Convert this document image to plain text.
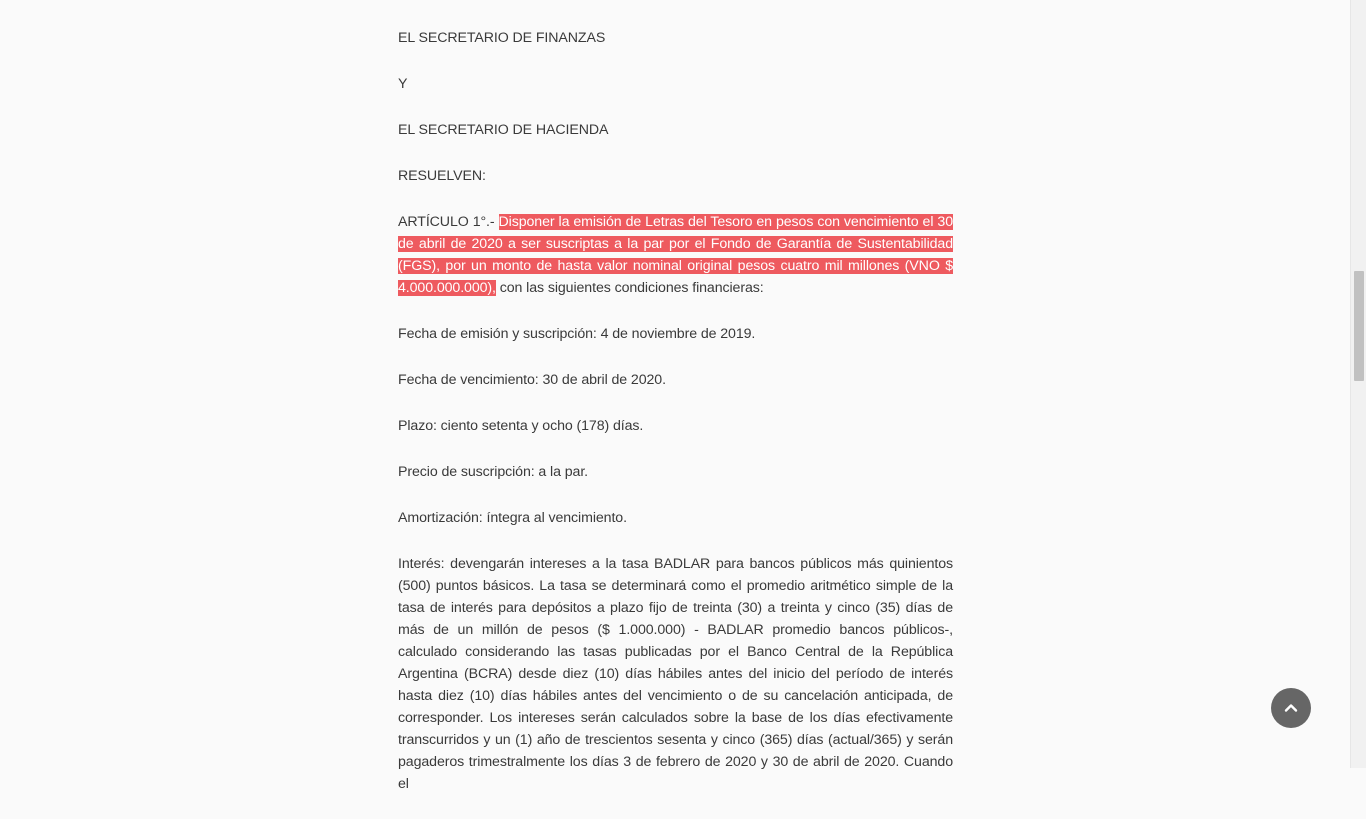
EL SECRETARIO DE FINANZAS

Y

EL SECRETARIO DE HACIENDA

RESUELVEN:

ARTÍCULO 1°.- Disponer la emisión de Letras del Tesoro en pesos con vencimiento el 30 de abril de 2020 a ser suscriptas a la par por el Fondo de Garantía de Sustentabilidad (FGS), por un monto de hasta valor nominal original pesos cuatro mil millones (VNO $ 4.000.000.000), con las siguientes condiciones financieras:

Fecha de emisión y suscripción: 4 de noviembre de 2019.

Fecha de vencimiento: 30 de abril de 2020.

Plazo: ciento setenta y ocho (178) días.

Precio de suscripción: a la par.

Amortización: íntegra al vencimiento.

Interés: devengarán intereses a la tasa BADLAR para bancos públicos más quinientos (500) puntos básicos. La tasa se determinará como el promedio aritmético simple de la tasa de interés para depósitos a plazo fijo de treinta (30) a treinta y cinco (35) días de más de un millón de pesos ($ 1.000.000) - BADLAR promedio bancos públicos-, calculado considerando las tasas publicadas por el Banco Central de la República Argentina (BCRA) desde diez (10) días hábiles antes del inicio del período de interés hasta diez (10) días hábiles antes del vencimiento o de su cancelación anticipada, de corresponder. Los intereses serán calculados sobre la base de los días efectivamente transcurridos y un (1) año de trescientos sesenta y cinco (365) días (actual/365) y serán pagaderos trimestralmente los días 3 de febrero de 2020 y 30 de abril de 2020. Cuando el
